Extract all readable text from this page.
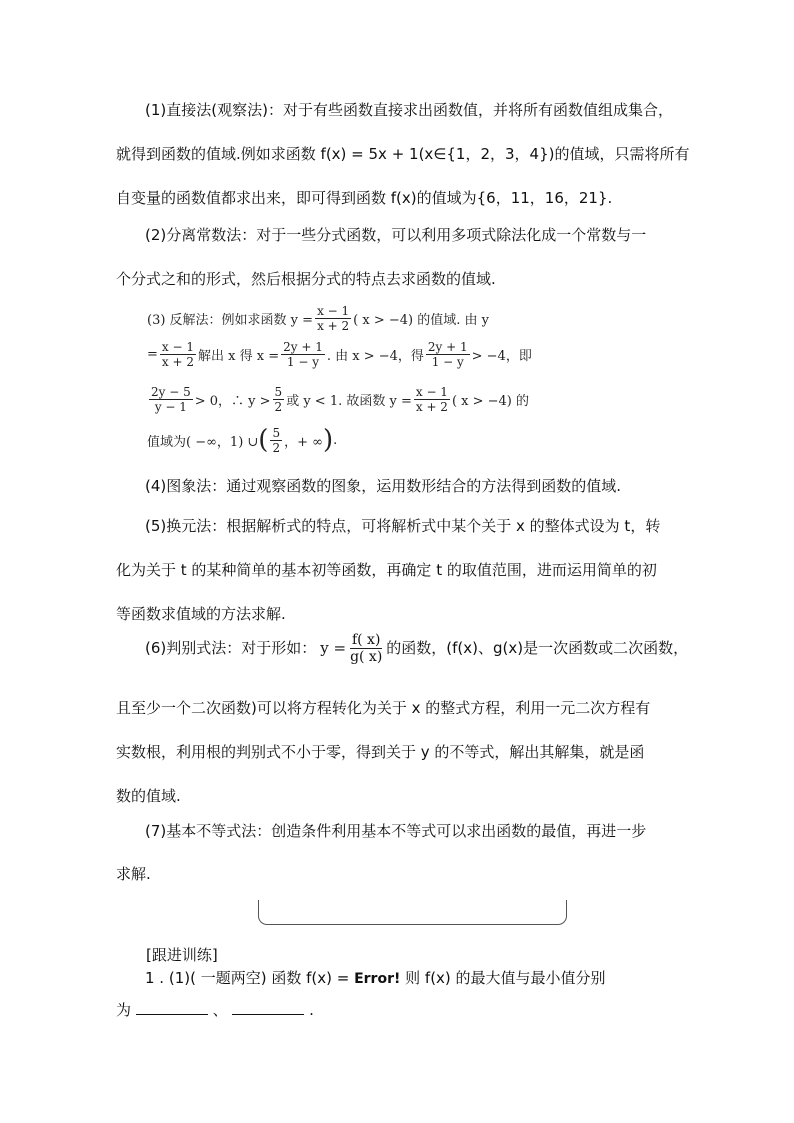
(1)直接法(观察法)：对于有些函数直接求出函数值，并将所有函数值组成集合，
就得到函数的值域.例如求函数 f(x) = 5x + 1(x∈{1，2，3，4})的值域，只需将所有
自变量的函数值都求出来，即可得到函数 f(x)的值域为{6，11，16，21}.
(2)分离常数法：对于一些分式函数，可以利用多项式除法化成一个常数与一
个分式之和的形式，然后根据分式的特点去求函数的值域.
(3) 反解法：例如求函数 $y = \frac{x - 1}{x + 2}$ ( x > −4) 的值域. 由 y
= $\frac{x - 1}{x + 2}$ 解出 x 得 $x = \frac{2y + 1}{1 - y}$ . 由 x > −4，得 $\frac{2y + 1}{1 - y} > -4$，即
$\frac{2y - 5}{y - 1} > 0$，∴ $y > \frac{5}{2}$ 或 y < 1. 故函数 $y = \frac{x - 1}{x + 2}$ ( x > −4) 的
值域为( −∞，1) ∪ ( $\frac{5}{2}$ ，+ ∞ ) .
(4)图象法：通过观察函数的图象，运用数形结合的方法得到函数的值域.
(5)换元法：根据解析式的特点，可将解析式中某个关于 x 的整体式设为 t，转
化为关于 t 的某种简单的基本初等函数，再确定 t 的取值范围，进而运用简单的初
等函数求值域的方法求解.
(6)判别式法：对于形如： $y = \frac{f( x)}{g( x)}$ 的函数，(f(x)、g(x)是一次函数或二次函数，
且至少一个二次函数)可以将方程转化为关于 x 的整式方程，利用一元二次方程有
实数根，利用根的判别式不小于零，得到关于 y 的不等式，解出其解集，就是函
数的值域.
(7)基本不等式法：创造条件利用基本不等式可以求出函数的最值，再进一步
求解.
[跟进训练]
1 . (1)( 一题两空) 函数 f(x) = Error! 则 f(x) 的最大值与最小值分别
为	、	.
